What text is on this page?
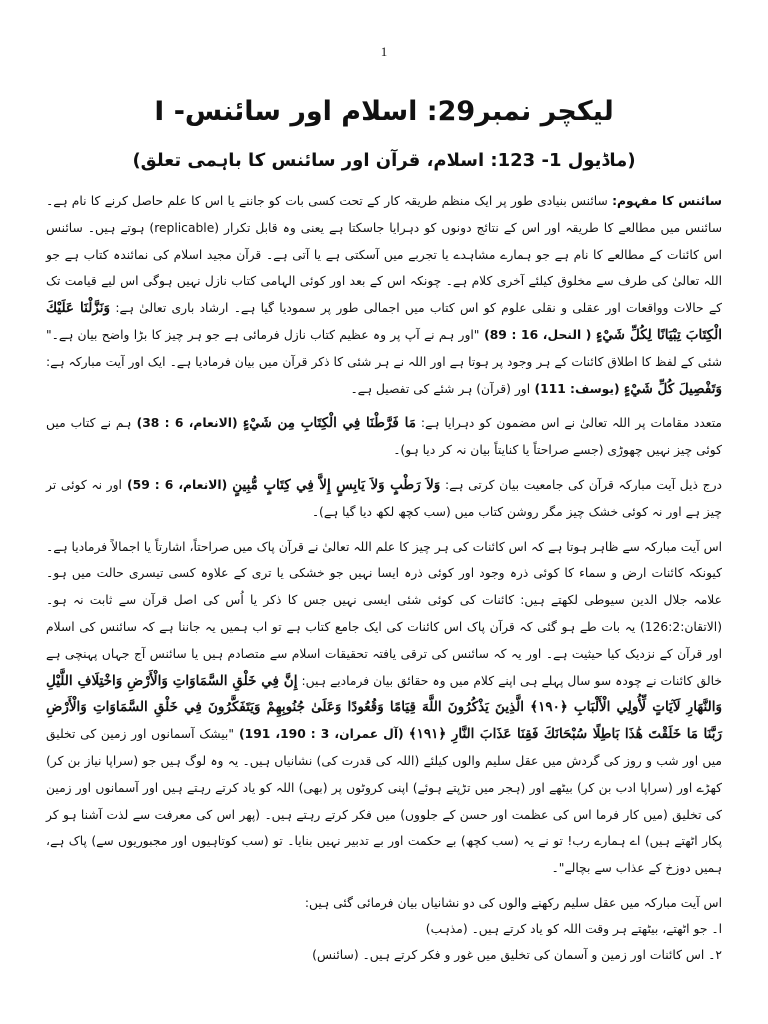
1
لیکچر نمبر29: اسلام اور سائنس- I
(ماڈیول 1- 123: اسلام، قرآن اور سائنس کا باہمی تعلق)

سائنس کا مفہوم: سائنس بنیادی طور پر ایک منظم طریقہ کار کے تحت کسی بات کو جاننے یا اس کا علم حاصل کرنے کا نام ہے۔ سائنس میں مطالعے کا طریقہ اور اس کے نتائج دونوں کو دہرایا جاسکتا ہے یعنی وہ قابل تکرار (replicable) ہوتے ہیں۔ سائنس اس کائنات کے مطالعے کا نام ہے جو ہمارے مشاہدے یا تجربے میں آسکتی ہے یا آتی ہے۔ قرآن مجید اسلام کی نمائندہ کتاب ہے جو اللہ تعالیٰ کی طرف سے مخلوق کیلئے آخری کلام ہے۔ چونکہ اس کے بعد اور کوئی الہامی کتاب نازل نہیں ہوگی اس لیے قیامت تک کے حالات وواقعات اور عقلی و نقلی علوم کو اس کتاب میں اجمالی طور پر سمودیا گیا ہے۔ ارشاد باری تعالیٰ ہے: وَنَزَّلْنَا عَلَيْكَ الْكِتَابَ تِبْيَانًا لِكُلِّ شَيْءٍ ( النحل، 16 : 89) "اور ہم نے آپ پر وہ عظیم کتاب نازل فرمائی ہے جو ہر چیز کا بڑا واضح بیان ہے۔" شئی کے لفظ کا اطلاق کائنات کے ہر وجود پر ہوتا ہے اور اللہ نے ہر شئی کا ذکر قرآن میں بیان فرمادیا ہے۔ ایک اور آیت مبارکہ ہے: وَتَفْصِيلَ كُلِّ شَيْءٍ (یوسف: 111) اور (قرآن) ہر شئے کی تفصیل ہے۔

متعدد مقامات پر اللہ تعالیٰ نے اس مضمون کو دہرایا ہے: مَا فَرَّطْنَا فِي الْكِتَابِ مِن شَيْءٍ (الانعام، 6 : 38) ہم نے کتاب میں کوئی چیز نہیں چھوڑی (جسے صراحتاً یا کنایتاً بیان نہ کر دیا ہو)۔

درج ذیل آیت مبارکہ قرآن کی جامعیت بیان کرتی ہے: وَلاَ رَطْبٍ وَلاَ يَابِسٍ إِلاَّ فِي كِتَابٍ مُّبِينٍ (الانعام، 6 : 59) اور نہ کوئی تر چیز ہے اور نہ کوئی خشک چیز مگر روشن کتاب میں (سب کچھ لکھ دیا گیا ہے)۔

اس آیت مبارکہ سے ظاہر ہوتا ہے کہ اس کائنات کی ہر چیز کا علم اللہ تعالیٰ نے قرآن پاک میں صراحتاً، اشارتاً یا اجمالاً فرمادیا ہے۔ کیونکہ کائنات ارض و سماء کا کوئی ذرہ وجود اور کوئی ذرہ ایسا نہیں جو خشکی یا تری کے علاوہ کسی تیسری حالت میں ہو۔ علامہ جلال الدین سیوطی لکھتے ہیں: کائنات کی کوئی شئی ایسی نہیں جس کا ذکر یا اُس کی اصل قرآن سے ثابت نہ ہو۔ (الاتقان:126:2) یہ بات طے ہو گئی کہ قرآن پاک اس کائنات کی ایک جامع کتاب ہے تو اب ہمیں یہ جاننا ہے کہ سائنس کی اسلام اور قرآن کے نزدیک کیا حیثیت ہے۔ اور یہ کہ سائنس کی ترقی یافتہ تحقیقات اسلام سے متصادم ہیں یا سائنس آج جہاں پہنچی ہے خالق کائنات نے چودہ سو سال پہلے ہی اپنے کلام میں وہ حقائق بیان فرمادیے ہیں: إِنَّ فِي خَلْقِ السَّمَاوَاتِ وَالْأَرْضِ وَاخْتِلَافِ اللَّيْلِ وَالنَّهَارِ لَآيَاتٍ لِّأُولِي الْأَلْبَابِ ﴿١٩٠﴾ الَّذِينَ يَذْكُرُونَ اللَّهَ قِيَامًا وَقُعُودًا وَعَلَىٰ جُنُوبِهِمْ وَيَتَفَكَّرُونَ فِي خَلْقِ السَّمَاوَاتِ وَالْأَرْضِ رَبَّنَا مَا خَلَقْتَ هَٰذَا بَاطِلًا سُبْحَانَكَ فَقِنَا عَذَابَ النَّارِ ﴿١٩١﴾ (آل عمران، 3 : 190، 191) "بیشک آسمانوں اور زمین کی تخلیق میں اور شب و روز کی گردش میں عقل سلیم والوں کیلئے (اللہ کی قدرت کی) نشانیاں ہیں۔ یہ وہ لوگ ہیں جو (سراپا نیاز بن کر) کھڑے اور (سراپا ادب بن کر) بیٹھے اور (ہجر میں تڑپتے ہوئے) اپنی کروٹوں پر (بھی) اللہ کو یاد کرتے رہتے ہیں اور آسمانوں اور زمین کی تخلیق (میں کار فرما اس کی عظمت اور حسن کے جلووں) میں فکر کرتے رہتے ہیں۔ (پھر اس کی معرفت سے لذت آشنا ہو کر پکار اٹھتے ہیں) اے ہمارے رب! تو نے یہ (سب کچھ) بے حکمت اور بے تدبیر نہیں بنایا۔ تو (سب کوتاہیوں اور مجبوریوں سے) پاک ہے، ہمیں دوزخ کے عذاب سے بچالے"۔

اس آیت مبارکہ میں عقل سلیم رکھنے والوں کی دو نشانیاں بیان فرمائی گئی ہیں:
ا۔ جو اٹھتے، بیٹھتے ہر وقت اللہ کو یاد کرتے ہیں۔ (مذہب)
۲۔ اس کائنات اور زمین و آسمان کی تخلیق میں غور و فکر کرتے ہیں۔ (سائنس)
